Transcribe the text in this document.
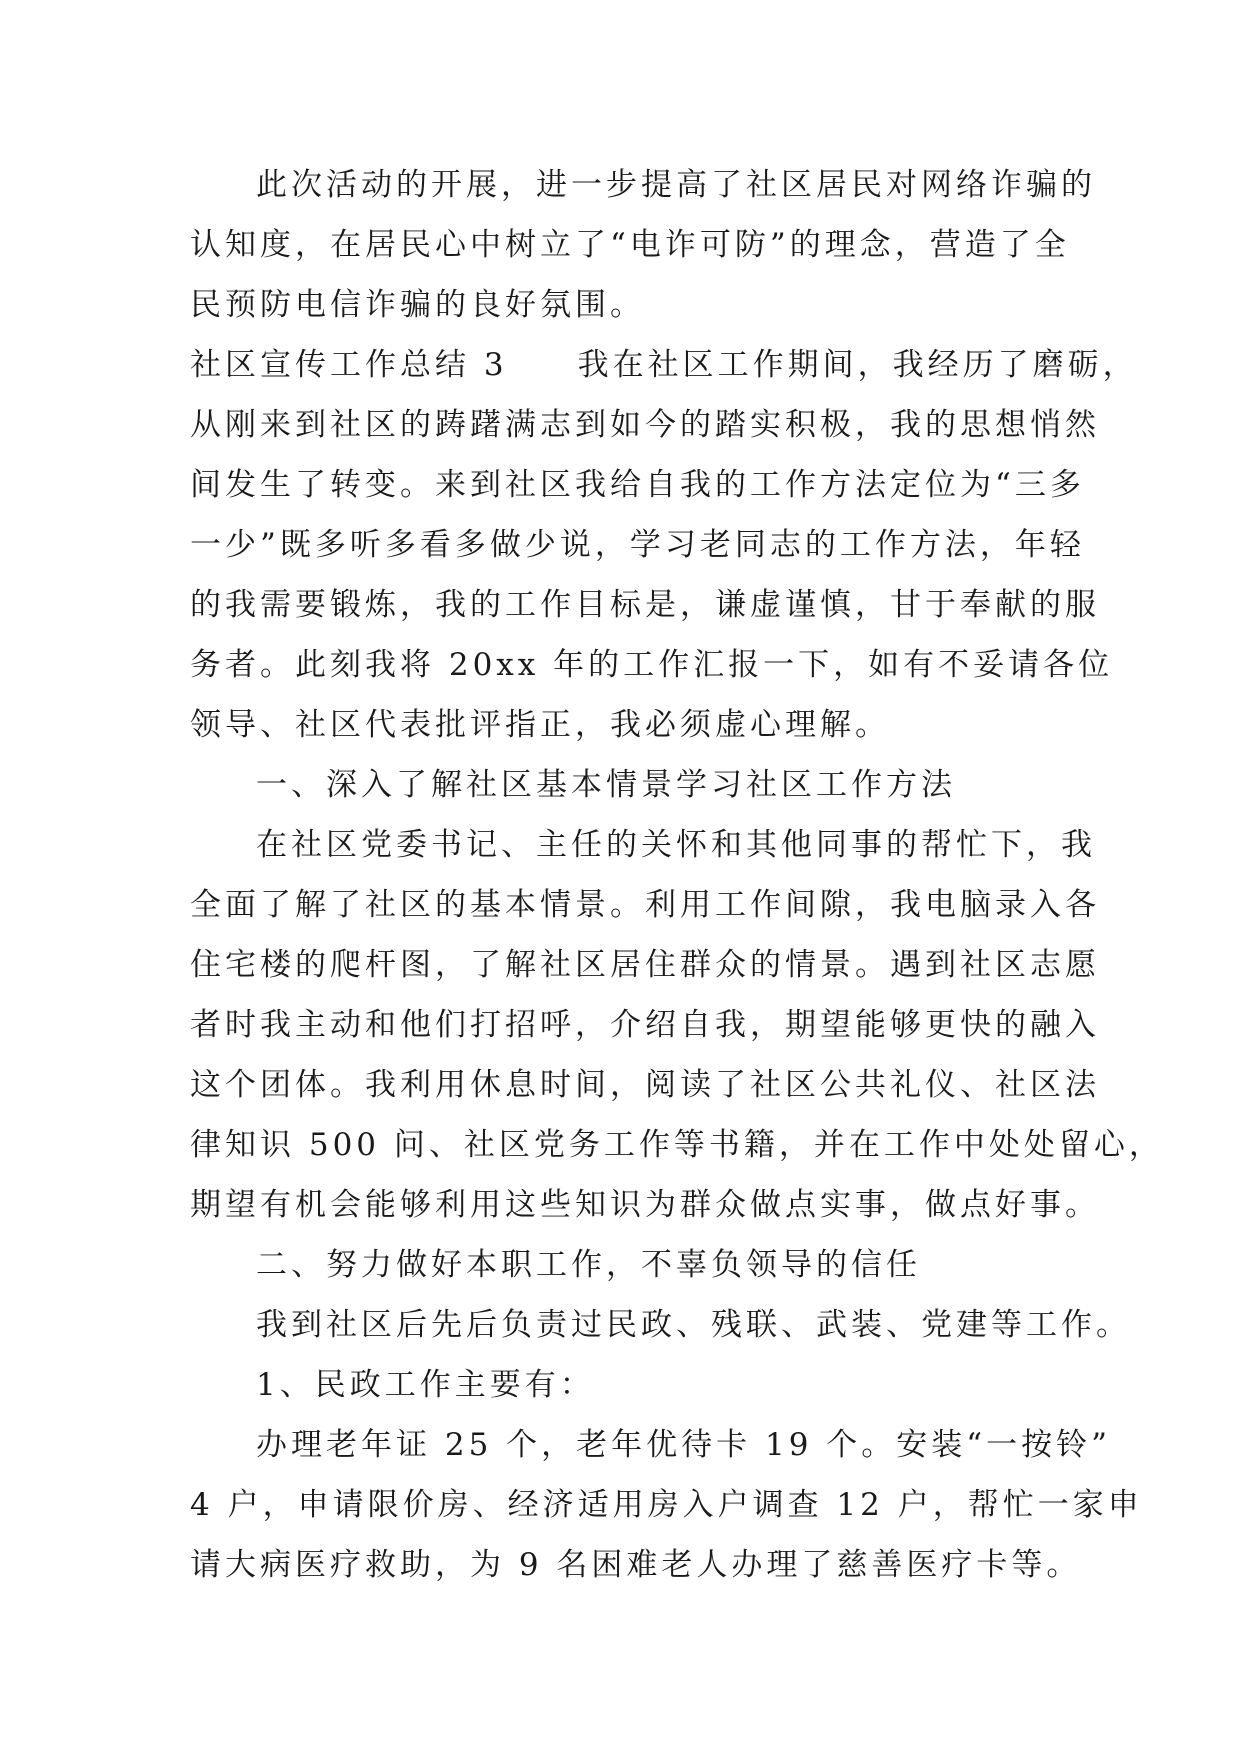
此次活动的开展，进一步提高了社区居民对网络诈骗的
认知度，在居民心中树立了“电诈可防”的理念，营造了全
民预防电信诈骗的良好氛围。
社区宣传工作总结 3 我在社区工作期间，我经历了磨砺，
从刚来到社区的踌躇满志到如今的踏实积极，我的思想悄然
间发生了转变。来到社区我给自我的工作方法定位为“三多
一少”既多听多看多做少说，学习老同志的工作方法，年轻
的我需要锻炼，我的工作目标是，谦虚谨慎，甘于奉献的服
务者。此刻我将 20xx 年的工作汇报一下，如有不妥请各位
领导、社区代表批评指正，我必须虚心理解。
一、深入了解社区基本情景学习社区工作方法
在社区党委书记、主任的关怀和其他同事的帮忙下，我
全面了解了社区的基本情景。利用工作间隙，我电脑录入各
住宅楼的爬杆图，了解社区居住群众的情景。遇到社区志愿
者时我主动和他们打招呼，介绍自我，期望能够更快的融入
这个团体。我利用休息时间，阅读了社区公共礼仪、社区法
律知识 500 问、社区党务工作等书籍，并在工作中处处留心，
期望有机会能够利用这些知识为群众做点实事，做点好事。
二、努力做好本职工作，不辜负领导的信任
我到社区后先后负责过民政、残联、武装、党建等工作。
1、民政工作主要有：
办理老年证 25 个，老年优待卡 19 个。安装“一按铃”
4 户，申请限价房、经济适用房入户调查 12 户，帮忙一家申
请大病医疗救助，为 9 名困难老人办理了慈善医疗卡等。
